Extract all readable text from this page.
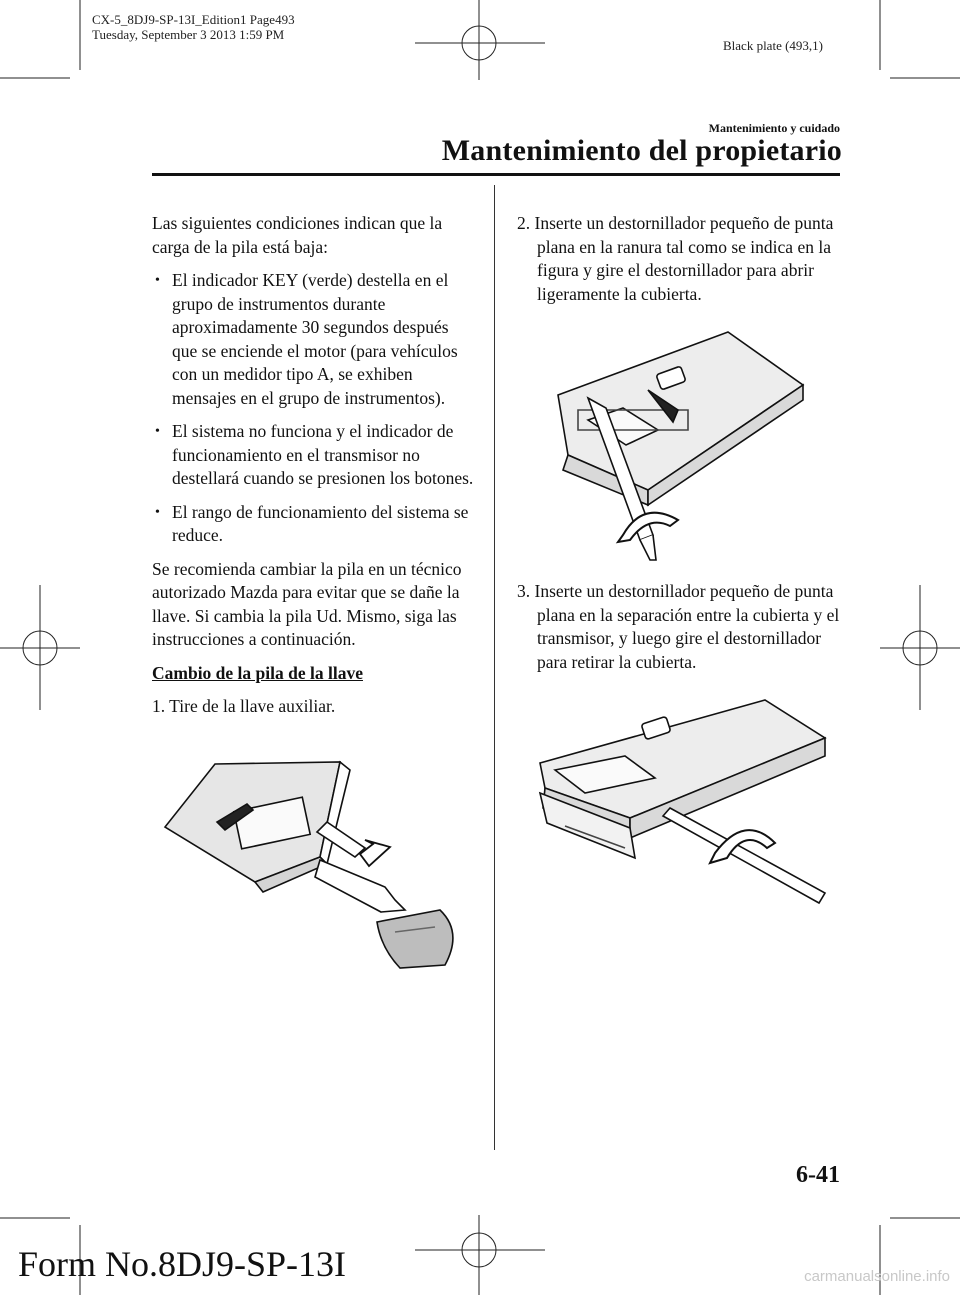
CX-5_8DJ9-SP-13I_Edition1 Page493
Tuesday, September 3 2013 1:59 PM
Black plate (493,1)
Mantenimiento y cuidado
Mantenimiento del propietario

Las siguientes condiciones indican que la carga de la pila está baja:

• El indicador KEY (verde) destella en el grupo de instrumentos durante aproximadamente 30 segundos después que se enciende el motor (para vehículos con un medidor tipo A, se exhiben mensajes en el grupo de instrumentos).
• El sistema no funciona y el indicador de funcionamiento en el transmisor no destellará cuando se presionen los botones.
• El rango de funcionamiento del sistema se reduce.

Se recomienda cambiar la pila en un técnico autorizado Mazda para evitar que se dañe la llave. Si cambia la pila Ud. Mismo, siga las instrucciones a continuación.

Cambio de la pila de la llave
1. Tire de la llave auxiliar.
2. Inserte un destornillador pequeño de punta plana en la ranura tal como se indica en la figura y gire el destornillador para abrir ligeramente la cubierta.
3. Inserte un destornillador pequeño de punta plana en la separación entre la cubierta y el transmisor, y luego gire el destornillador para retirar la cubierta.
6-41
Form No.8DJ9-SP-13I	carmanualsonline.info
